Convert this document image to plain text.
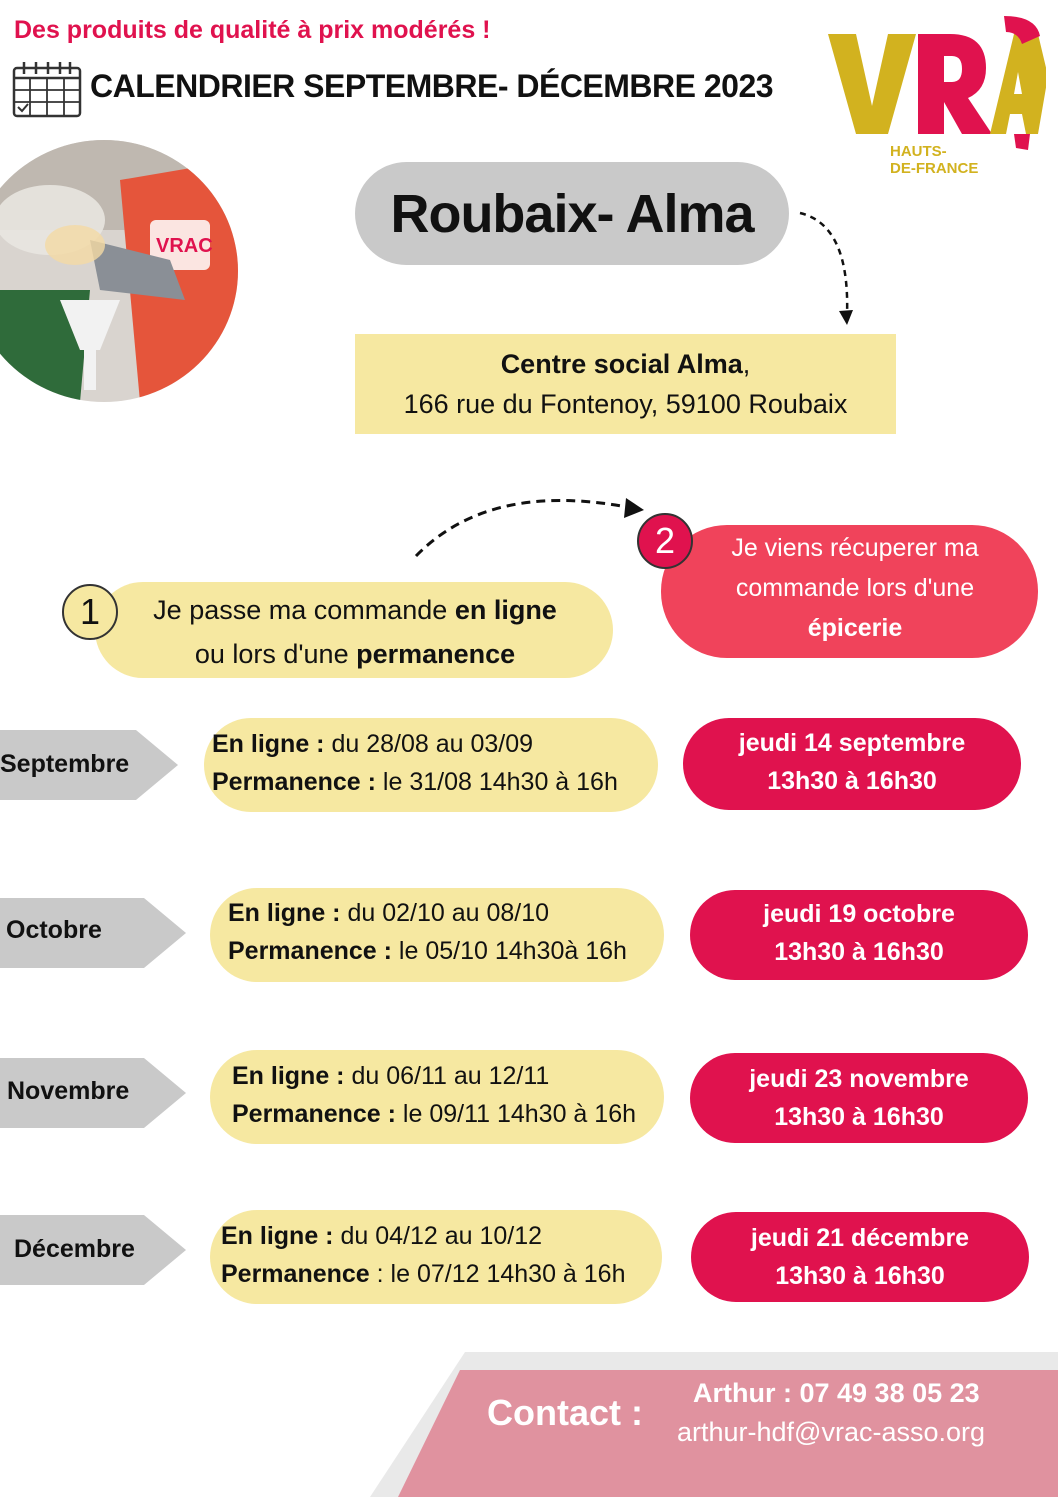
Des produits de qualité à prix modérés !
CALENDRIER SEPTEMBRE- DÉCEMBRE 2023
HAUTS-
DE-FRANCE
VRAC
Roubaix- Alma
Centre social Alma,
166 rue du Fontenoy, 59100 Roubaix
Je passe ma commande en ligne
ou lors d'une permanence
1
Je viens récuperer ma
commande lors d'une
épicerie
2
Septembre
En ligne : du 28/08 au 03/09
Permanence : le 31/08 14h30 à 16h
jeudi 14 septembre
13h30 à 16h30
Octobre
En ligne : du 02/10 au 08/10
Permanence : le 05/10 14h30à 16h
jeudi 19 octobre
13h30 à 16h30
Novembre
En ligne : du 06/11 au 12/11
Permanence : le 09/11 14h30 à 16h
jeudi 23 novembre
13h30 à 16h30
Décembre	En ligne : du 04/12 au 10/12
Permanence : le 07/12 14h30 à 16h
jeudi 21 décembre
13h30 à 16h30
Contact : Arthur : 07 49 38 05 23
arthur-hdf@vrac-asso.org
